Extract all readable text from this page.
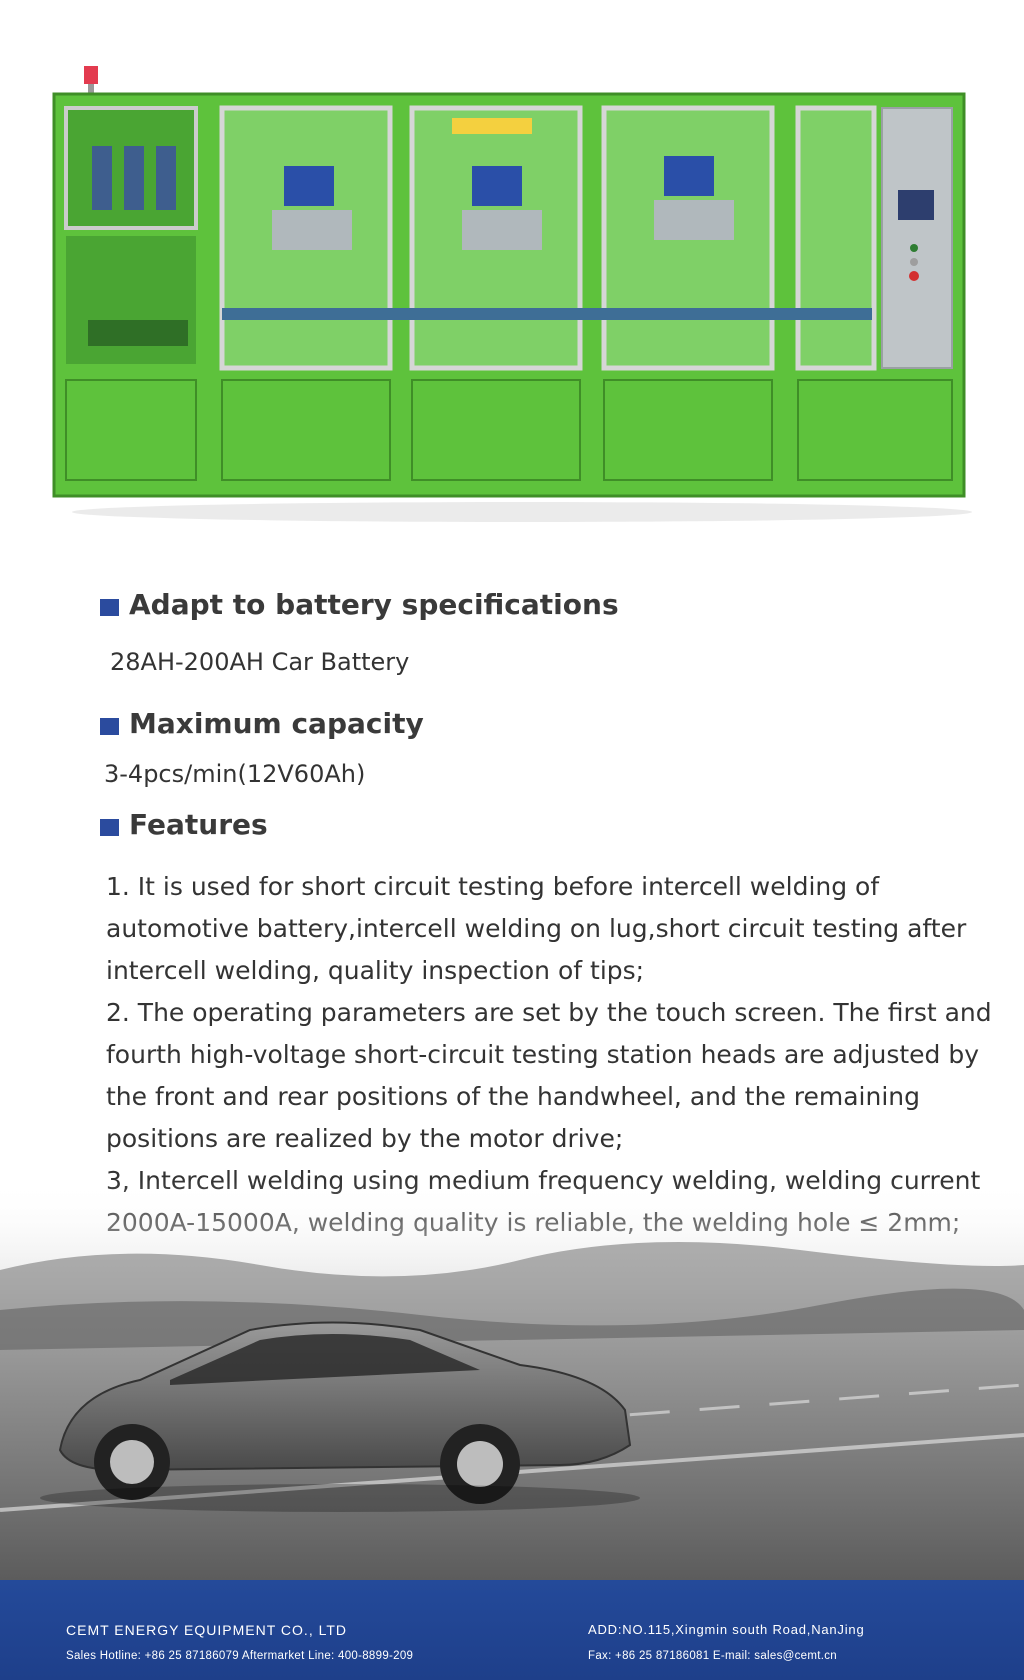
Adapt to battery specifications
28AH-200AH Car Battery
Maximum capacity
3-4pcs/min(12V60Ah)
Features

1. It is used for short circuit testing before intercell welding of automotive battery,intercell welding on lug,short circuit testing after intercell welding, quality inspection of tips;

2. The operating parameters are set by the touch screen. The first and fourth high-voltage short-circuit testing station heads are adjusted by the front and rear positions of the handwheel, and the remaining positions are realized by the motor drive;

CEMT ENERGY EQUIPMENT CO., LTD
Sales Hotline: +86 25 87186079 Aftermarket Line: 400-8899-209
ADD:NO.115,Xingmin south Road,NanJing
Fax: +86 25 87186081 E-mail: sales@cemt.cn
